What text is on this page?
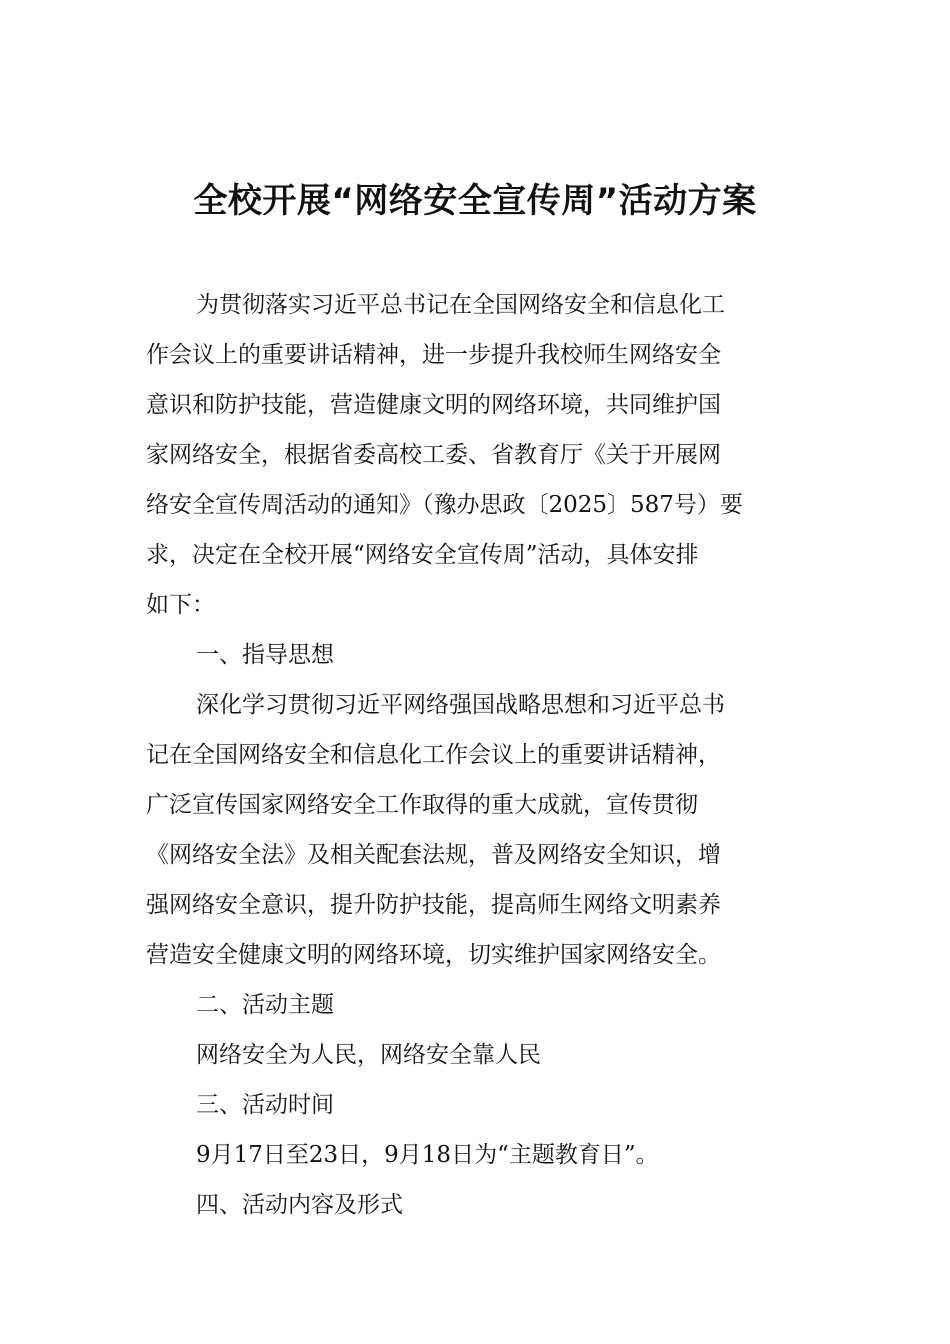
全校开展“网络安全宣传周”活动方案

为贯彻落实习近平总书记在全国网络安全和信息化工

作会议上的重要讲话精神，进一步提升我校师生网络安全

意识和防护技能，营造健康文明的网络环境，共同维护国

家网络安全，根据省委高校工委、省教育厅《关于开展网

络安全宣传周活动的通知》（豫办思政〔2025〕587号）要

求，决定在全校开展“网络安全宣传周”活动，具体安排

如下：

一、指导思想

深化学习贯彻习近平网络强国战略思想和习近平总书

记在全国网络安全和信息化工作会议上的重要讲话精神，

广泛宣传国家网络安全工作取得的重大成就，宣传贯彻

《网络安全法》及相关配套法规，普及网络安全知识，增

强网络安全意识，提升防护技能，提高师生网络文明素养

营造安全健康文明的网络环境，切实维护国家网络安全。

二、活动主题

网络安全为人民，网络安全靠人民

三、活动时间

9月17日至23日，9月18日为“主题教育日”。

四、活动内容及形式
